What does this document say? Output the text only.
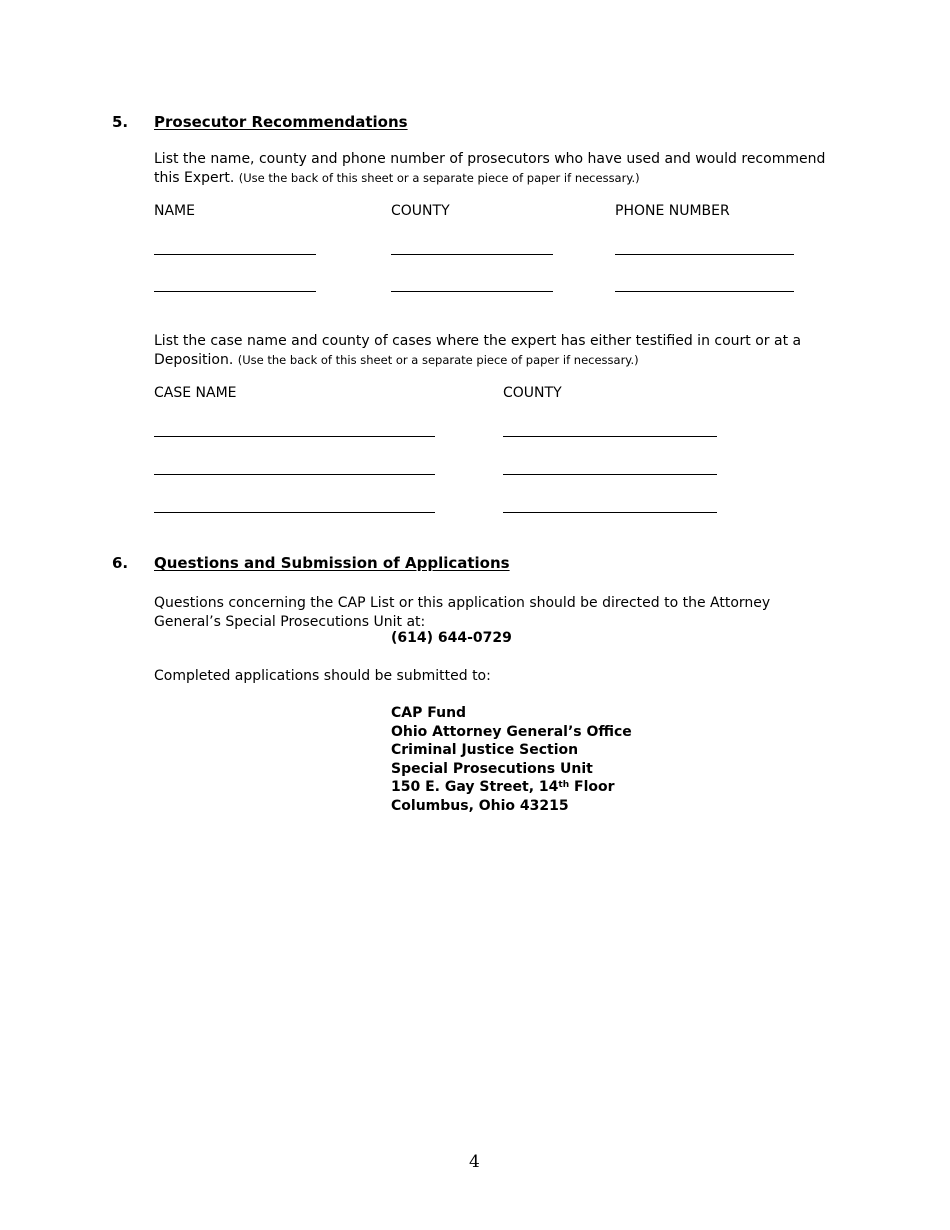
5. Prosecutor Recommendations
List the name, county and phone number of prosecutors who have used and would recommend this Expert. (Use the back of this sheet or a separate piece of paper if necessary.)
NAME	COUNTY	PHONE NUMBER
List the case name and county of cases where the expert has either testified in court or at a Deposition. (Use the back of this sheet or a separate piece of paper if necessary.)
CASE NAME	COUNTY
6. Questions and Submission of Applications
Questions concerning the CAP List or this application should be directed to the Attorney General’s Special Prosecutions Unit at:
(614) 644-0729
Completed applications should be submitted to:
CAP Fund
Ohio Attorney General’s Office
Criminal Justice Section
Special Prosecutions Unit
150 E. Gay Street, 14th Floor
Columbus, Ohio 43215
4
